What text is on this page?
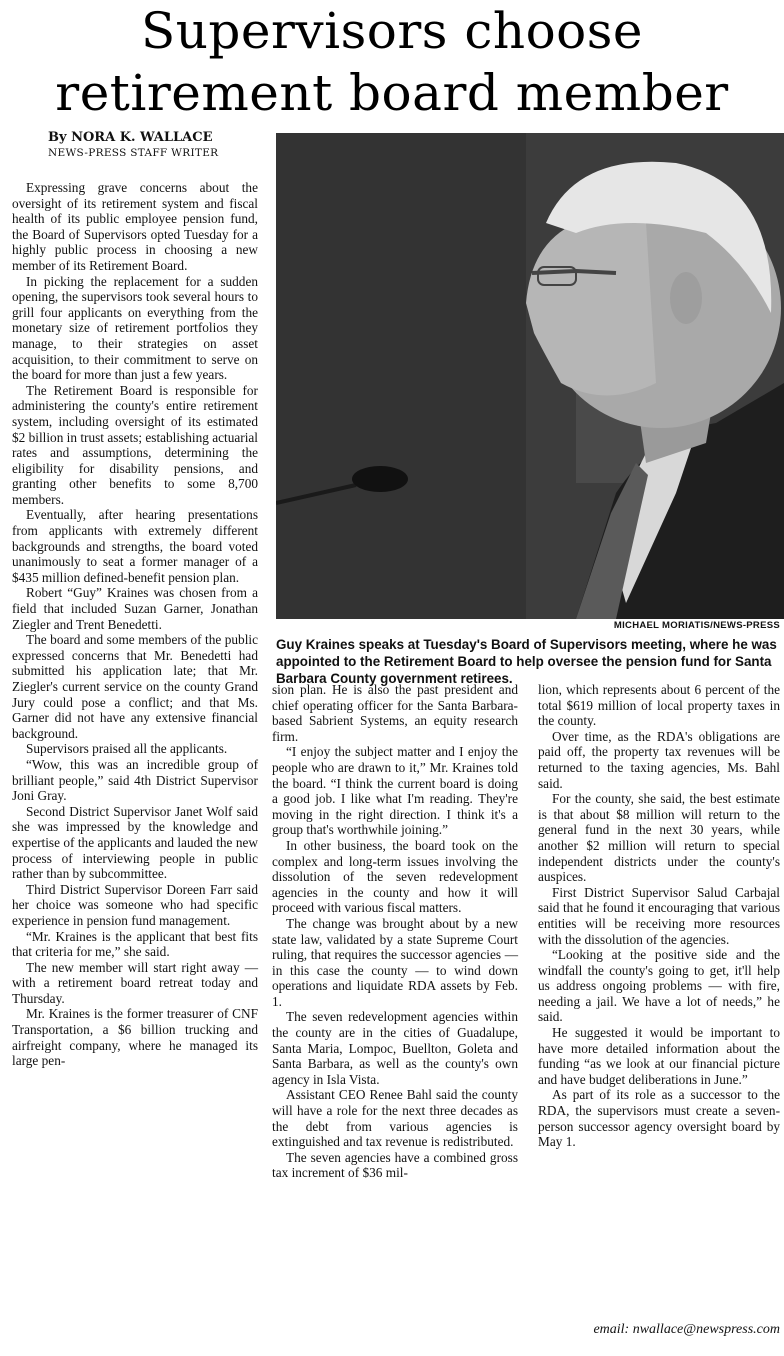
Supervisors choose
retirement board member
By NORA K. WALLACE
NEWS-PRESS STAFF WRITER
MICHAEL MORIATIS/NEWS-PRESS
Guy Kraines speaks at Tuesday's Board of Supervisors meeting, where he was appointed to the Retirement Board to help oversee the pension fund for Santa Barbara County government retirees.

Expressing grave concerns about the oversight of its retirement system and fiscal health of its public employee pension fund, the Board of Supervisors opted Tuesday for a highly public process in choosing a new member of its Retirement Board.

In picking the replacement for a sudden opening, the supervisors took several hours to grill four applicants on everything from the monetary size of retirement portfolios they manage, to their strategies on asset acquisition, to their commitment to serve on the board for more than just a few years.

The Retirement Board is responsible for administering the county's entire retirement system, including oversight of its estimated $2 billion in trust assets; establishing actuarial rates and assumptions, determining the eligibility for disability pensions, and granting other benefits to some 8,700 members.

Eventually, after hearing presentations from applicants with extremely different backgrounds and strengths, the board voted unanimously to seat a former manager of a $435 million defined-benefit pension plan.

Robert “Guy” Kraines was chosen from a field that included Suzan Garner, Jonathan Ziegler and Trent Benedetti.

The board and some members of the public expressed concerns that Mr. Benedetti had submitted his application late; that Mr. Ziegler's current service on the county Grand Jury could pose a conflict; and that Ms. Garner did not have any extensive financial background.

Supervisors praised all the applicants.

“Wow, this was an incredible group of brilliant people,” said 4th District Supervisor Joni Gray.

Second District Supervisor Janet Wolf said she was impressed by the knowledge and expertise of the applicants and lauded the new process of interviewing people in public rather than by subcommittee.

Third District Supervisor Doreen Farr said her choice was someone who had specific experience in pension fund management.

“Mr. Kraines is the applicant that best fits that criteria for me,” she said.

The new member will start right away — with a retirement board retreat today and Thursday.

Mr. Kraines is the former treasurer of CNF Transportation, a $6 billion trucking and airfreight company, where he managed its large pen-

sion plan. He is also the past president and chief operating officer for the Santa Barbara-based Sabrient Systems, an equity research firm.

“I enjoy the subject matter and I enjoy the people who are drawn to it,” Mr. Kraines told the board. “I think the current board is doing a good job. I like what I'm reading. They're moving in the right direction. I think it's a group that's worthwhile joining.”

In other business, the board took on the complex and long-term issues involving the dissolution of the seven redevelopment agencies in the county and how it will proceed with various fiscal matters.

The change was brought about by a new state law, validated by a state Supreme Court ruling, that requires the successor agencies — in this case the county — to wind down operations and liquidate RDA assets by Feb. 1.

The seven redevelopment agencies within the county are in the cities of Guadalupe, Santa Maria, Lompoc, Buellton, Goleta and Santa Barbara, as well as the county's own agency in Isla Vista.

Assistant CEO Renee Bahl said the county will have a role for the next three decades as the debt from various agencies is extinguished and tax revenue is redistributed.

The seven agencies have a combined gross tax increment of $36 mil-

lion, which represents about 6 percent of the total $619 million of local property taxes in the county.

Over time, as the RDA's obligations are paid off, the property tax revenues will be returned to the taxing agencies, Ms. Bahl said.

For the county, she said, the best estimate is that about $8 million will return to the general fund in the next 30 years, while another $2 million will return to special independent districts under the county's auspices.

First District Supervisor Salud Carbajal said that he found it encouraging that various entities will be receiving more resources with the dissolution of the agencies.

“Looking at the positive side and the windfall the county's going to get, it'll help us address ongoing problems — with fire, needing a jail. We have a lot of needs,” he said.

He suggested it would be important to have more detailed information about the funding “as we look at our financial picture and have budget deliberations in June.”

As part of its role as a successor to the RDA, the supervisors must create a seven-person successor agency oversight board by May 1.

email: nwallace@newspress.com
